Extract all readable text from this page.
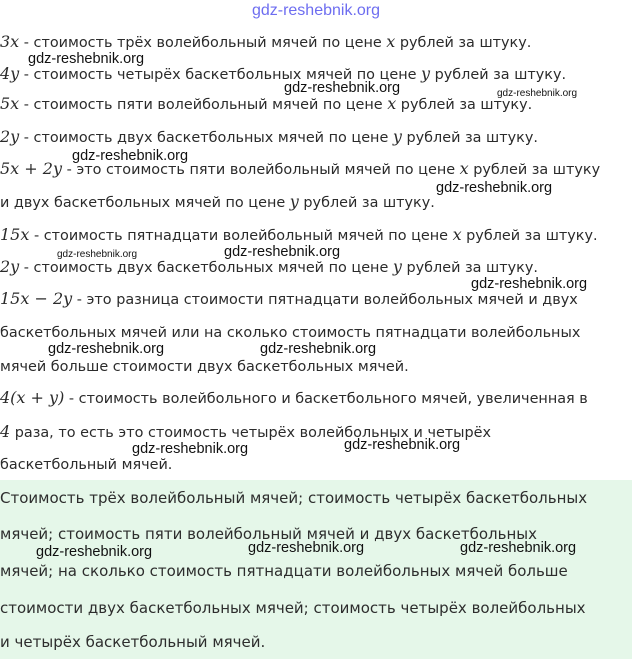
gdz-reshebnik.org
3x - стоимость трёх волейбольный мячей по цене x рублей за штуку.
4y - стоимость четырёх баскетбольных мячей по цене y рублей за штуку.
5x - стоимость пяти волейбольный мячей по цене x рублей за штуку.
2y - стоимость двух баскетбольных мячей по цене y рублей за штуку.
5x + 2y - это стоимость пяти волейбольный мячей по цене x рублей за штуку
и двух баскетбольных мячей по цене y рублей за штуку.
15x - стоимость пятнадцати волейбольный мячей по цене x рублей за штуку.
2y - стоимость двух баскетбольных мячей по цене y рублей за штуку.
15x − 2y - это разница стоимости пятнадцати волейбольных мячей и двух
баскетбольных мячей или на сколько стоимость пятнадцати волейбольных
мячей больше стоимости двух баскетбольных мячей.
4(x + y) - стоимость волейбольного и баскетбольного мячей, увеличенная в
4 раза, то есть это стоимость четырёх волейбольных и четырёх
баскетбольный мячей.
Стоимость трёх волейбольный мячей; стоимость четырёх баскетбольных
мячей; стоимость пяти волейбольный мячей и двух баскетбольных
мячей; на сколько стоимость пятнадцати волейбольных мячей больше
стоимости двух баскетбольных мячей; стоимость четырёх волейбольных
и четырёх баскетбольный мячей.
gdz-reshebnik.org
gdz-reshebnik.org	gdz-reshebnik.org
gdz-reshebnik.org
gdz-reshebnik.org
gdz-reshebnik.org	gdz-reshebnik.org
gdz-reshebnik.org
gdz-reshebnik.org	gdz-reshebnik.org
gdz-reshebnik.org
gdz-reshebnik.org
gdz-reshebnik.org	gdz-reshebnik.org	gdz-reshebnik.org
